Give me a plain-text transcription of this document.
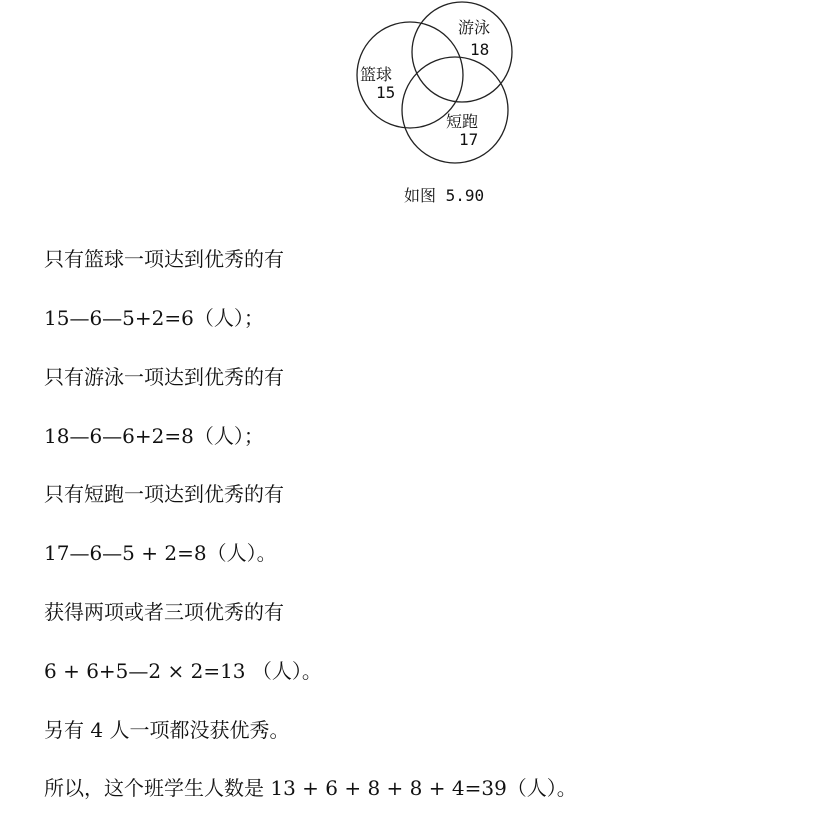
篮球
15
游泳
18
短跑
17
如图 5.90
只有篮球一项达到优秀的有
15—6—5+2=6（人）；
只有游泳一项达到优秀的有
18—6—6+2=8（人）；
只有短跑一项达到优秀的有
17—6—5 + 2=8（人）。
获得两项或者三项优秀的有
6 + 6+5—2 × 2=13 （人）。
另有 4 人一项都没获优秀。
所以，这个班学生人数是 13 + 6 + 8 + 8 + 4=39（人）。
